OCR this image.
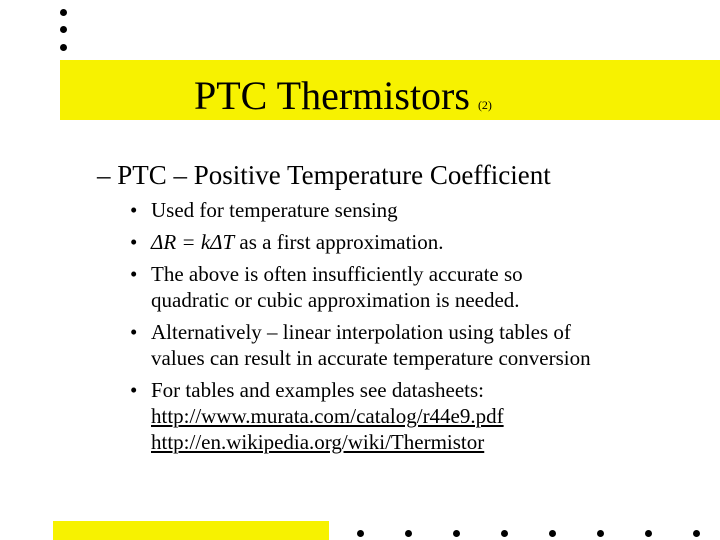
PTC Thermistors (2)
– PTC – Positive Temperature Coefficient
• Used for temperature sensing
• ΔR = kΔT as a first approximation.
• The above is often insufficiently accurate so
quadratic or cubic approximation is needed.
• Alternatively – linear interpolation using tables of
values can result in accurate temperature conversion
• For tables and examples see datasheets:
http://www.murata.com/catalog/r44e9.pdf
http://en.wikipedia.org/wiki/Thermistor
